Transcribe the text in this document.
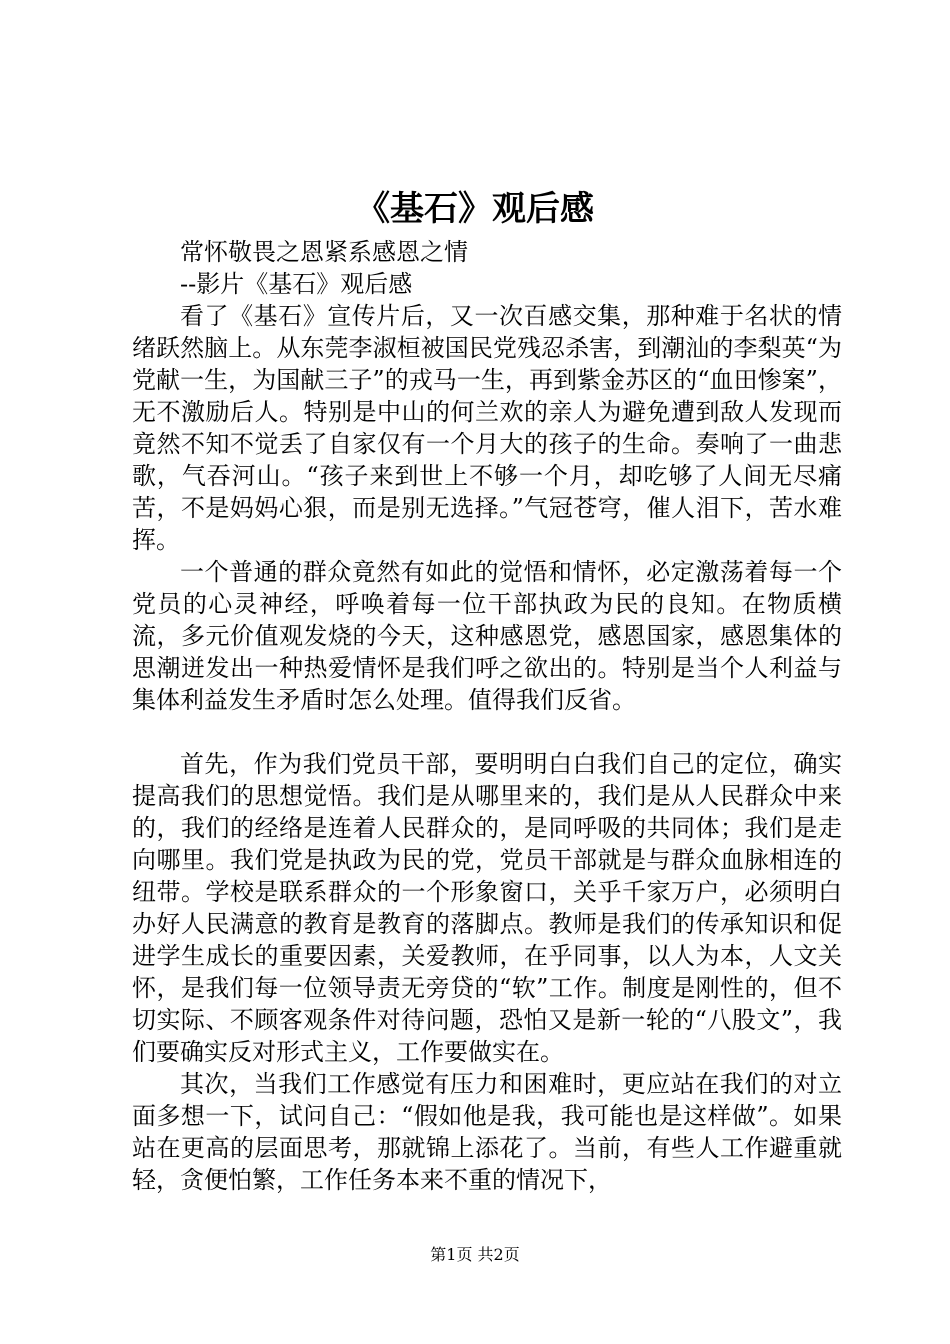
《基石》观后感

常怀敬畏之恩紧系感恩之情

--影片《基石》观后感

看了《基石》宣传片后，又一次百感交集，那种难于名状的情绪跃然脑上。从东莞李淑桓被国民党残忍杀害，到潮汕的李梨英“为党献一生，为国献三子”的戎马一生，再到紫金苏区的“血田惨案”，无不激励后人。特别是中山的何兰欢的亲人为避免遭到敌人发现而竟然不知不觉丢了自家仅有一个月大的孩子的生命。奏响了一曲悲歌，气吞河山。“孩子来到世上不够一个月，却吃够了人间无尽痛苦，不是妈妈心狠，而是别无选择。”气冠苍穹，催人泪下，苦水难挥。

一个普通的群众竟然有如此的觉悟和情怀，必定激荡着每一个党员的心灵神经，呼唤着每一位干部执政为民的良知。在物质横流，多元价值观发烧的今天，这种感恩党，感恩国家，感恩集体的思潮迸发出一种热爱情怀是我们呼之欲出的。特别是当个人利益与集体利益发生矛盾时怎么处理。值得我们反省。

首先，作为我们党员干部，要明明白白我们自己的定位，确实提高我们的思想觉悟。我们是从哪里来的，我们是从人民群众中来的，我们的经络是连着人民群众的，是同呼吸的共同体；我们是走向哪里。我们党是执政为民的党，党员干部就是与群众血脉相连的纽带。学校是联系群众的一个形象窗口，关乎千家万户，必须明白办好人民满意的教育是教育的落脚点。教师是我们的传承知识和促进学生成长的重要因素，关爱教师，在乎同事，以人为本，人文关怀，是我们每一位领导责无旁贷的“软”工作。制度是刚性的，但不切实际、不顾客观条件对待问题，恐怕又是新一轮的“八股文”，我们要确实反对形式主义，工作要做实在。

其次，当我们工作感觉有压力和困难时，更应站在我们的对立面多想一下，试问自己：“假如他是我，我可能也是这样做”。如果站在更高的层面思考，那就锦上添花了。当前，有些人工作避重就轻，贪便怕繁，工作任务本来不重的情况下，

第1页 共2页
